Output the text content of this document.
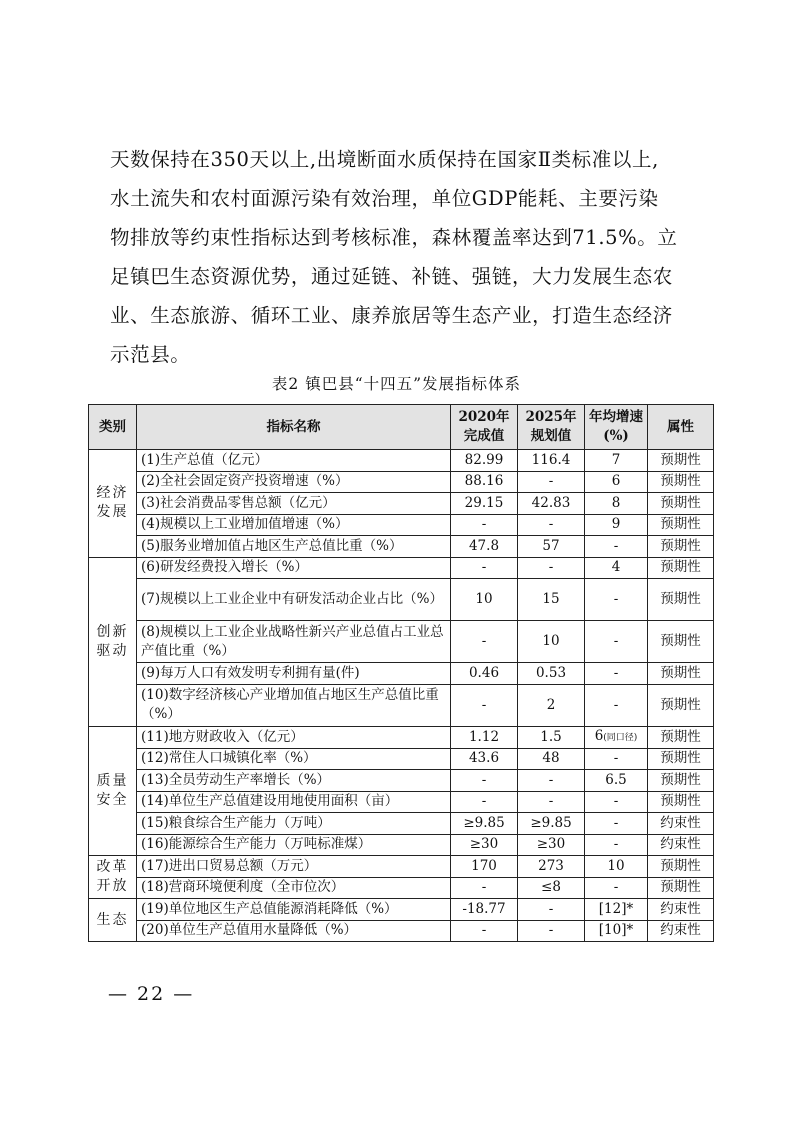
天数保持在350天以上,出境断面水质保持在国家Ⅱ类标准以上,
水土流失和农村面源污染有效治理，单位GDP能耗、主要污染
物排放等约束性指标达到考核标准，森林覆盖率达到71.5%。立
足镇巴生态资源优势，通过延链、补链、强链，大力发展生态农
业、生态旅游、循环工业、康养旅居等生态产业，打造生态经济
示范县。
表2 镇巴县“十四五”发展指标体系
类别	指标名称	2020年完成值	2025年规划值	年均增速(%)	属性
经济发展	(1)生产总值（亿元）	82.99	116.4	7	预期性
	(2)全社会固定资产投资增速（%）	88.16	-	6	预期性
	(3)社会消费品零售总额（亿元）	29.15	42.83	8	预期性
	(4)规模以上工业增加值增速（%）	-	-	9	预期性
	(5)服务业增加值占地区生产总值比重（%）	47.8	57	-	预期性
创新驱动	(6)研发经费投入增长（%）	-	-	4	预期性
	(7)规模以上工业企业中有研发活动企业占比（%）	10	15	-	预期性
	(8)规模以上工业企业战略性新兴产业总值占工业总产值比重（%）	-	10	-	预期性
	(9)每万人口有效发明专利拥有量(件)	0.46	0.53	-	预期性
	(10)数字经济核心产业增加值占地区生产总值比重（%）	-	2	-	预期性
质量安全	(11)地方财政收入（亿元）	1.12	1.5	6(同口径)	预期性
	(12)常住人口城镇化率（%）	43.6	48	-	预期性
	(13)全员劳动生产率增长（%）	-	-	6.5	预期性
	(14)单位生产总值建设用地使用面积（亩）	-	-	-	预期性
	(15)粮食综合生产能力（万吨）	≥9.85	≥9.85	-	约束性
	(16)能源综合生产能力（万吨标准煤）	≥30	≥30	-	约束性
改革开放	(17)进出口贸易总额（万元）	170	273	10	预期性
	(18)营商环境便利度（全市位次）	-	≤8	-	预期性
生态	(19)单位地区生产总值能源消耗降低（%）	-18.77	-	[12]*	约束性
	(20)单位生产总值用水量降低（%）	-	-	[10]*	约束性
— 22 —
